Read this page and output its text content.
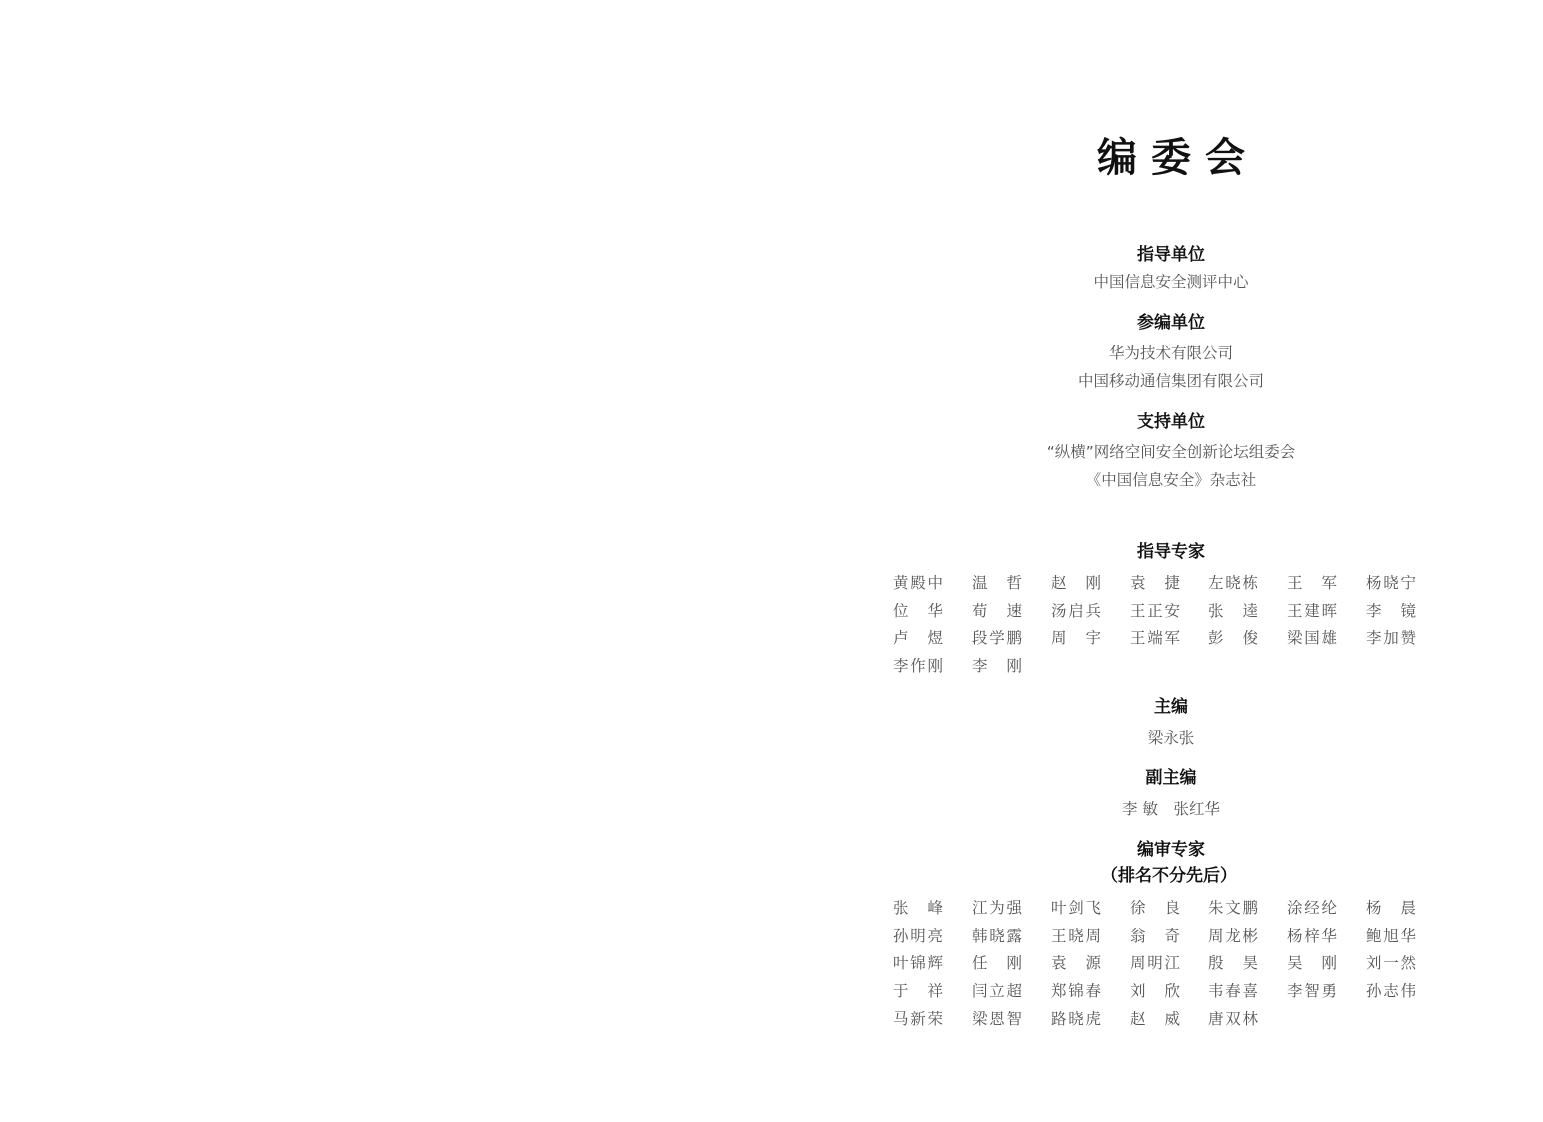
编委会
指导单位
中国信息安全测评中心
参编单位
华为技术有限公司
中国移动通信集团有限公司
支持单位
“纵横”网络空间安全创新论坛组委会
《中国信息安全》杂志社
指导专家
黄殿中 温　哲 赵　刚 袁　捷 左晓栋 王　军 杨晓宁
位　华 荀　速 汤启兵 王正安 张　逵 王建晖 李　镜
卢　煜 段学鹏 周　宇 王端军 彭　俊 梁国雄 李加赞
李作刚 李　刚
主编
梁永张
副主编
李 敏　张红华
编审专家
（排名不分先后）
张　峰 江为强 叶剑飞 徐　良 朱文鹏 涂经纶 杨　晨
孙明亮 韩晓露 王晓周 翁　奇 周龙彬 杨梓华 鲍旭华
叶锦辉 任　刚 袁　源 周明江 殷　昊 吴　刚 刘一然
于　祥 闫立超 郑锦春 刘　欣 韦春喜 李智勇 孙志伟
马新荣 梁恩智 路晓虎 赵　威 唐双林
